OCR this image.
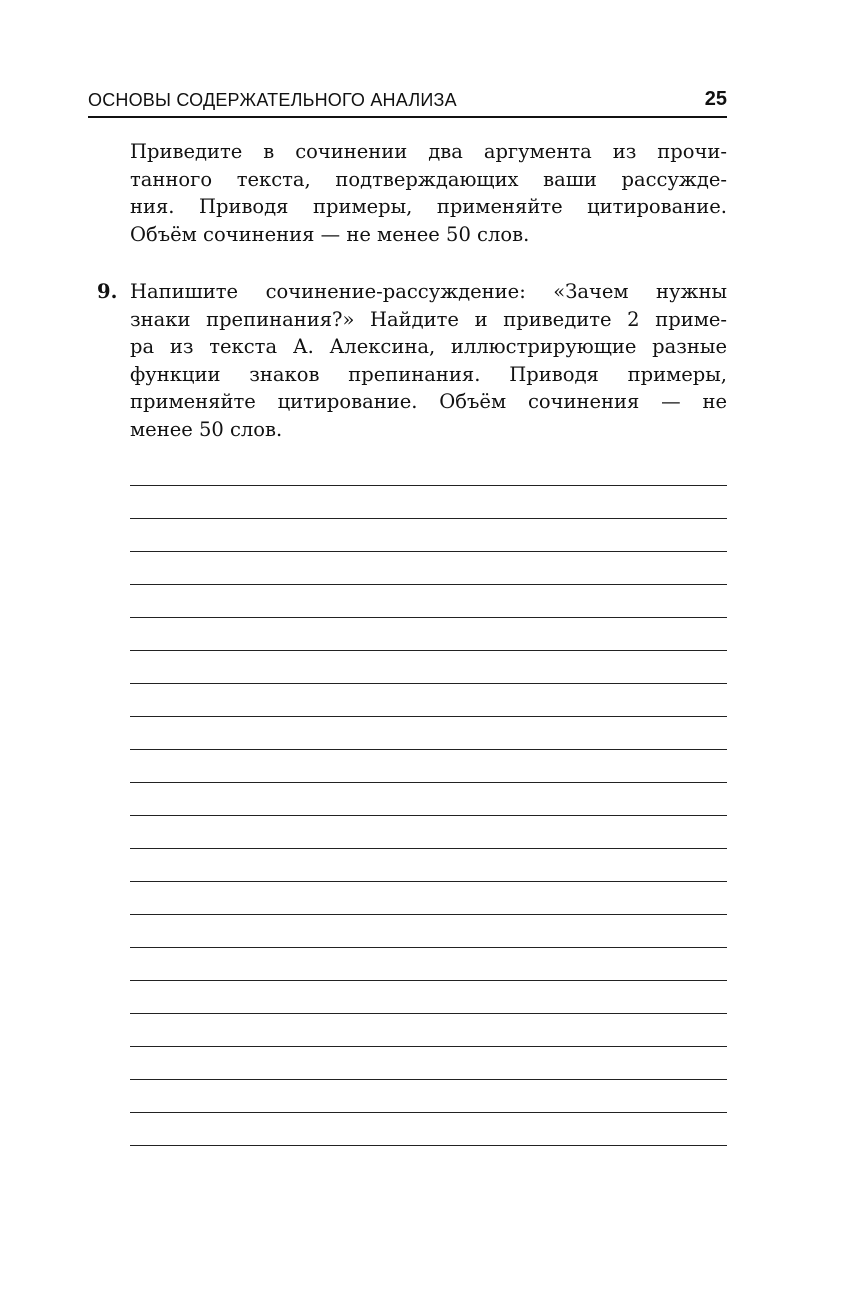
ОСНОВЫ СОДЕРЖАТЕЛЬНОГО АНАЛИЗА	25
Приведите в сочинении два аргумента из прочи-
танного текста, подтверждающих ваши рассужде-
ния. Приводя примеры, применяйте цитирование.
Объём сочинения — не менее 50 слов.
9. Напишите сочинение-рассуждение: «Зачем нужны
знаки препинания?» Найдите и приведите 2 приме-
ра из текста А. Алексина, иллюстрирующие разные
функции знаков препинания. Приводя примеры,
применяйте цитирование. Объём сочинения — не
менее 50 слов.
